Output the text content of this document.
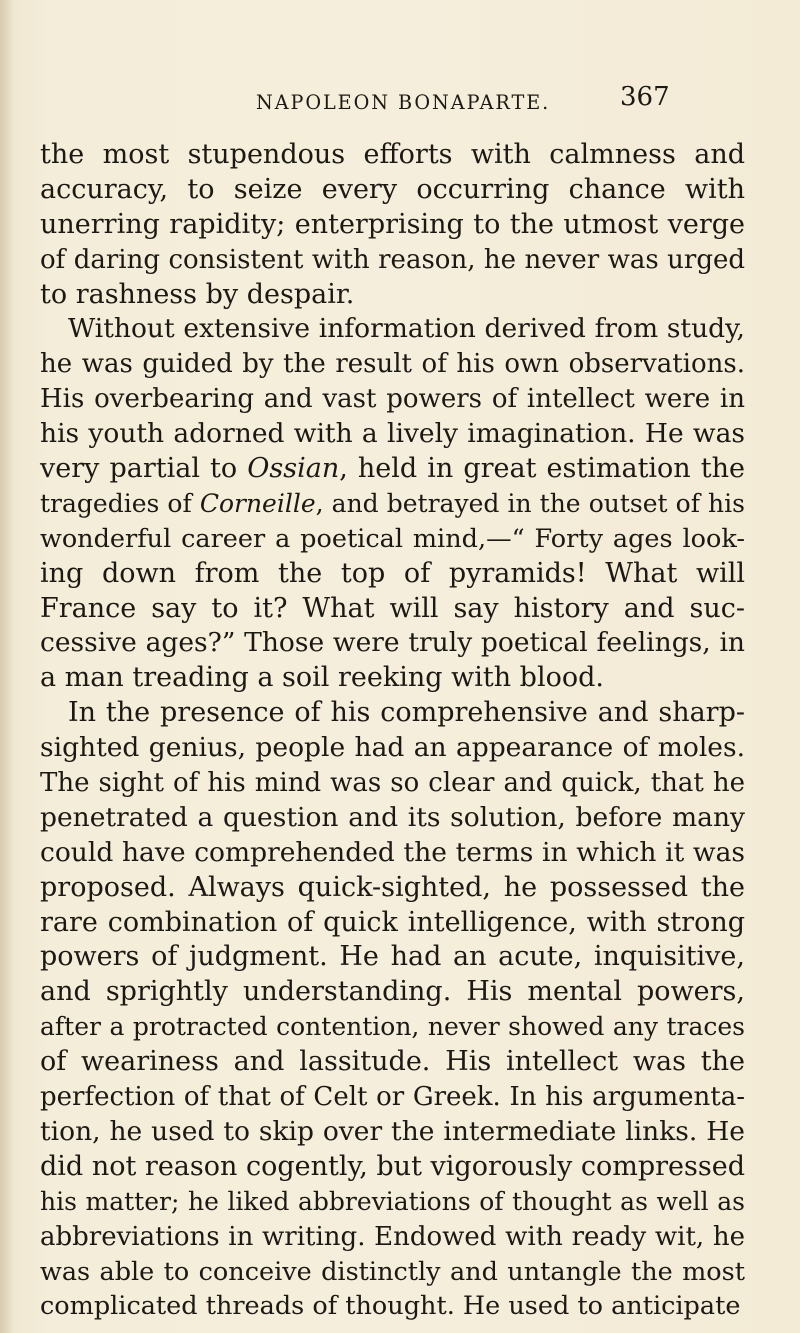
NAPOLEON BONAPARTE.	367
the most stupendous efforts with calmness and
accuracy, to seize every occurring chance with
unerring rapidity; enterprising to the utmost verge
of daring consistent with reason, he never was urged
to rashness by despair.
Without extensive information derived from study,
he was guided by the result of his own observations.
His overbearing and vast powers of intellect were in
his youth adorned with a lively imagination. He was
very partial to Ossian, held in great estimation the
tragedies of Corneille, and betrayed in the outset of his
wonderful career a poetical mind,—“ Forty ages look-
ing down from the top of pyramids! What will
France say to it? What will say history and suc-
cessive ages?” Those were truly poetical feelings, in
a man treading a soil reeking with blood.
In the presence of his comprehensive and sharp-
sighted genius, people had an appearance of moles.
The sight of his mind was so clear and quick, that he
penetrated a question and its solution, before many
could have comprehended the terms in which it was
proposed. Always quick-sighted, he possessed the
rare combination of quick intelligence, with strong
powers of judgment. He had an acute, inquisitive,
and sprightly understanding. His mental powers,
after a protracted contention, never showed any traces
of weariness and lassitude. His intellect was the
perfection of that of Celt or Greek. In his argumenta-
tion, he used to skip over the intermediate links. He
did not reason cogently, but vigorously compressed
his matter; he liked abbreviations of thought as well as
abbreviations in writing. Endowed with ready wit, he
was able to conceive distinctly and untangle the most
complicated threads of thought. He used to anticipate
